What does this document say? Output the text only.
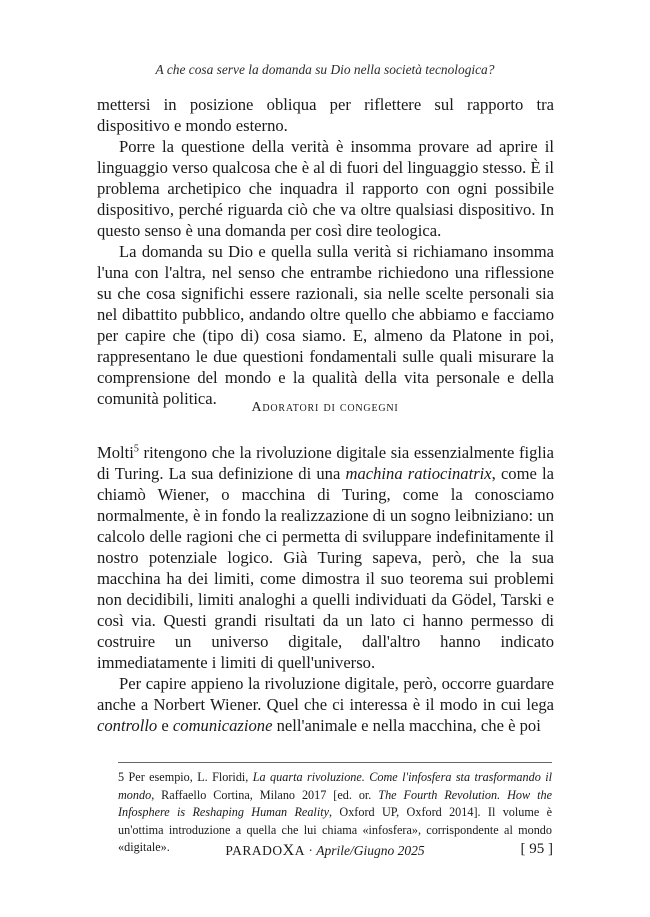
A che cosa serve la domanda su Dio nella società tecnologica?

mettersi in posizione obliqua per riflettere sul rapporto tra dispositivo e mondo esterno.

Porre la questione della verità è insomma provare ad aprire il linguaggio verso qualcosa che è al di fuori del linguaggio stesso. È il problema archetipico che inquadra il rapporto con ogni possibile dispositivo, perché riguarda ciò che va oltre qualsiasi dispositivo. In questo senso è una domanda per così dire teologica.

La domanda su Dio e quella sulla verità si richiamano insomma l'una con l'altra, nel senso che entrambe richiedono una riflessione su che cosa significhi essere razionali, sia nelle scelte personali sia nel dibattito pubblico, andando oltre quello che abbiamo e facciamo per capire che (tipo di) cosa siamo. E, almeno da Platone in poi, rappresentano le due questioni fondamentali sulle quali misurare la comprensione del mondo e la qualità della vita personale e della comunità politica.	Adoratori di congegni

Molti$^5$ ritengono che la rivoluzione digitale sia essenzialmente figlia di Turing. La sua definizione di una machina ratiocinatrix, come la chiamò Wiener, o macchina di Turing, come la conosciamo normalmente, è in fondo la realizzazione di un sogno leibniziano: un calcolo delle ragioni che ci permetta di sviluppare indefinitamente il nostro potenziale logico. Già Turing sapeva, però, che la sua macchina ha dei limiti, come dimostra il suo teorema sui problemi non decidibili, limiti analoghi a quelli individuati da Gödel, Tarski e così via. Questi grandi risultati da un lato ci hanno permesso di costruire un universo digitale, dall'altro hanno indicato immediatamente i limiti di quell'universo.

Per capire appieno la rivoluzione digitale, però, occorre guardare anche a Norbert Wiener. Quel che ci interessa è il modo in cui lega controllo e comunicazione nell'animale e nella macchina, che è poi

5 Per esempio, L. Floridi, La quarta rivoluzione. Come l'infosfera sta trasformando il mondo, Raffaello Cortina, Milano 2017 [ed. or. The Fourth Revolution. How the Infosphere is Reshaping Human Reality, Oxford UP, Oxford 2014]. Il volume è un'ottima introduzione a quella che lui chiama «infosfera», corrispondente al mondo «digitale».	PARADOXA · Aprile/Giugno 2025	[ 95 ]
